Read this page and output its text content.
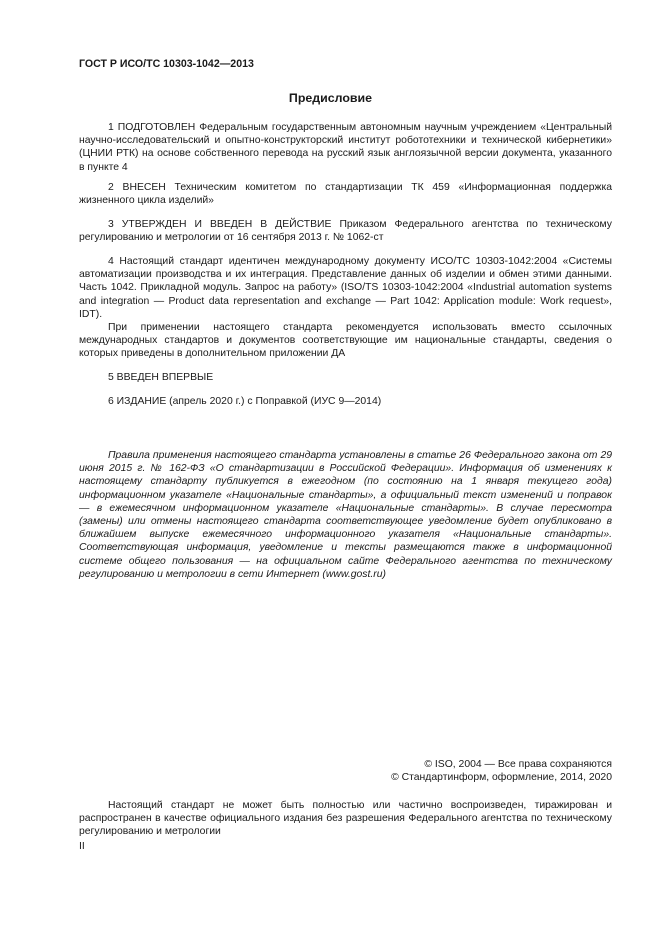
ГОСТ Р ИСО/ТС 10303-1042—2013
Предисловие

1 ПОДГОТОВЛЕН Федеральным государственным автономным научным учреждением «Центральный научно-исследовательский и опытно-конструкторский институт робототехники и технической кибернетики» (ЦНИИ РТК) на основе собственного перевода на русский язык англоязычной версии документа, указанного в пункте 4

2 ВНЕСЕН Техническим комитетом по стандартизации ТК 459 «Информационная поддержка жизненного цикла изделий»

3 УТВЕРЖДЕН И ВВЕДЕН В ДЕЙСТВИЕ Приказом Федерального агентства по техническому регулированию и метрологии от 16 сентября 2013 г. № 1062-ст

4 Настоящий стандарт идентичен международному документу ИСО/ТС 10303-1042:2004 «Системы автоматизации производства и их интеграция. Представление данных об изделии и обмен этими данными. Часть 1042. Прикладной модуль. Запрос на работу» (ISO/TS 10303-1042:2004 «Industrial automation systems and integration — Product data representation and exchange — Part 1042: Application module: Work request», IDT).

При применении настоящего стандарта рекомендуется использовать вместо ссылочных международных стандартов и документов соответствующие им национальные стандарты, сведения о которых приведены в дополнительном приложении ДА

5 ВВЕДЕН ВПЕРВЫЕ

6 ИЗДАНИЕ (апрель 2020 г.) с Поправкой (ИУС 9—2014)

Правила применения настоящего стандарта установлены в статье 26 Федерального закона от 29 июня 2015 г. № 162-ФЗ «О стандартизации в Российской Федерации». Информация об изменениях к настоящему стандарту публикуется в ежегодном (по состоянию на 1 января текущего года) информационном указателе «Национальные стандарты», а официальный текст изменений и поправок — в ежемесячном информационном указателе «Национальные стандарты». В случае пересмотра (замены) или отмены настоящего стандарта соответствующее уведомление будет опубликовано в ближайшем выпуске ежемесячного информационного указателя «Национальные стандарты». Соответствующая информация, уведомление и тексты размещаются также в информационной системе общего пользования — на официальном сайте Федерального агентства по техническому регулированию и метрологии в сети Интернет (www.gost.ru)

© ISO, 2004 — Все права сохраняются
© Стандартинформ, оформление, 2014, 2020

Настоящий стандарт не может быть полностью или частично воспроизведен, тиражирован и распространен в качестве официального издания без разрешения Федерального агентства по техническому регулированию и метрологии

II
